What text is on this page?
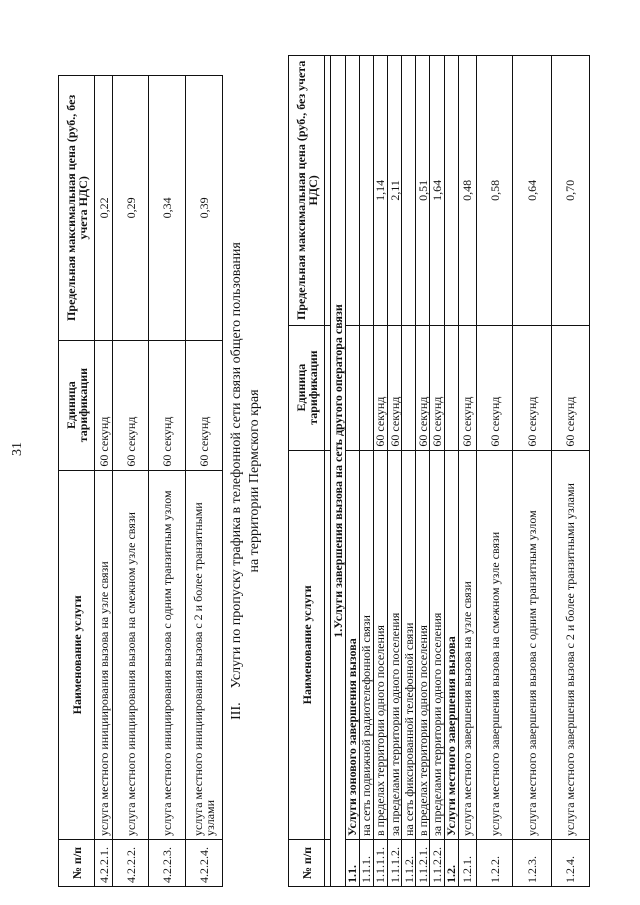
31
№ п/п	Наименование услуги	Единица тарификации	Предельная максимальная цена (руб., без учета НДС)
4.2.2.1.	услуга местного инициирования вызова на узле связи	60 секунд	0,22
4.2.2.2.	услуга местного инициирования вызова на смежном узле связи	60 секунд	0,29
4.2.2.3.	услуга местного инициирования вызова с одним транзитным узлом	60 секунд	0,34
4.2.2.4.	услуга местного инициирования вызова с 2 и более транзитными узлами	60 секунд	0,39
III.    Услуги по пропуску трафика в телефонной сети связи общего пользования на территории Пермского края
№ п/п	Наименование услуги	Единица тарификации	Предельная максимальная цена (руб., без учета НДС)

1.Услуги завершения вызова на сеть другого оператора связи			
1.1.	Услуги зонового завершения вызова		
1.1.1.	на сеть подвижной радиотелефонной связи		
1.1.1.1.	в пределах территории одного поселения	60 секунд	1,14
1.1.1.2.	за пределами территории одного поселения	60 секунд	2,11
1.1.2.	на сеть фиксированной телефонной связи		
1.1.2.1.	в пределах территории одного поселения	60 секунд	0,51
1.1.2.2.	за пределами территории одного поселения	60 секунд	1,64
1.2.	Услуги местного завершения вызова		
1.2.1.	услуга местного завершения вызова на узле связи	60 секунд	0,48
1.2.2.	услуга местного завершения вызова на смежном узле связи	60 секунд	0,58
1.2.3.	услуга местного завершения вызова с одним транзитным узлом	60 секунд	0,64
1.2.4.	услуга местного завершения вызова с 2 и более транзитными узлами	60 секунд	0,70
